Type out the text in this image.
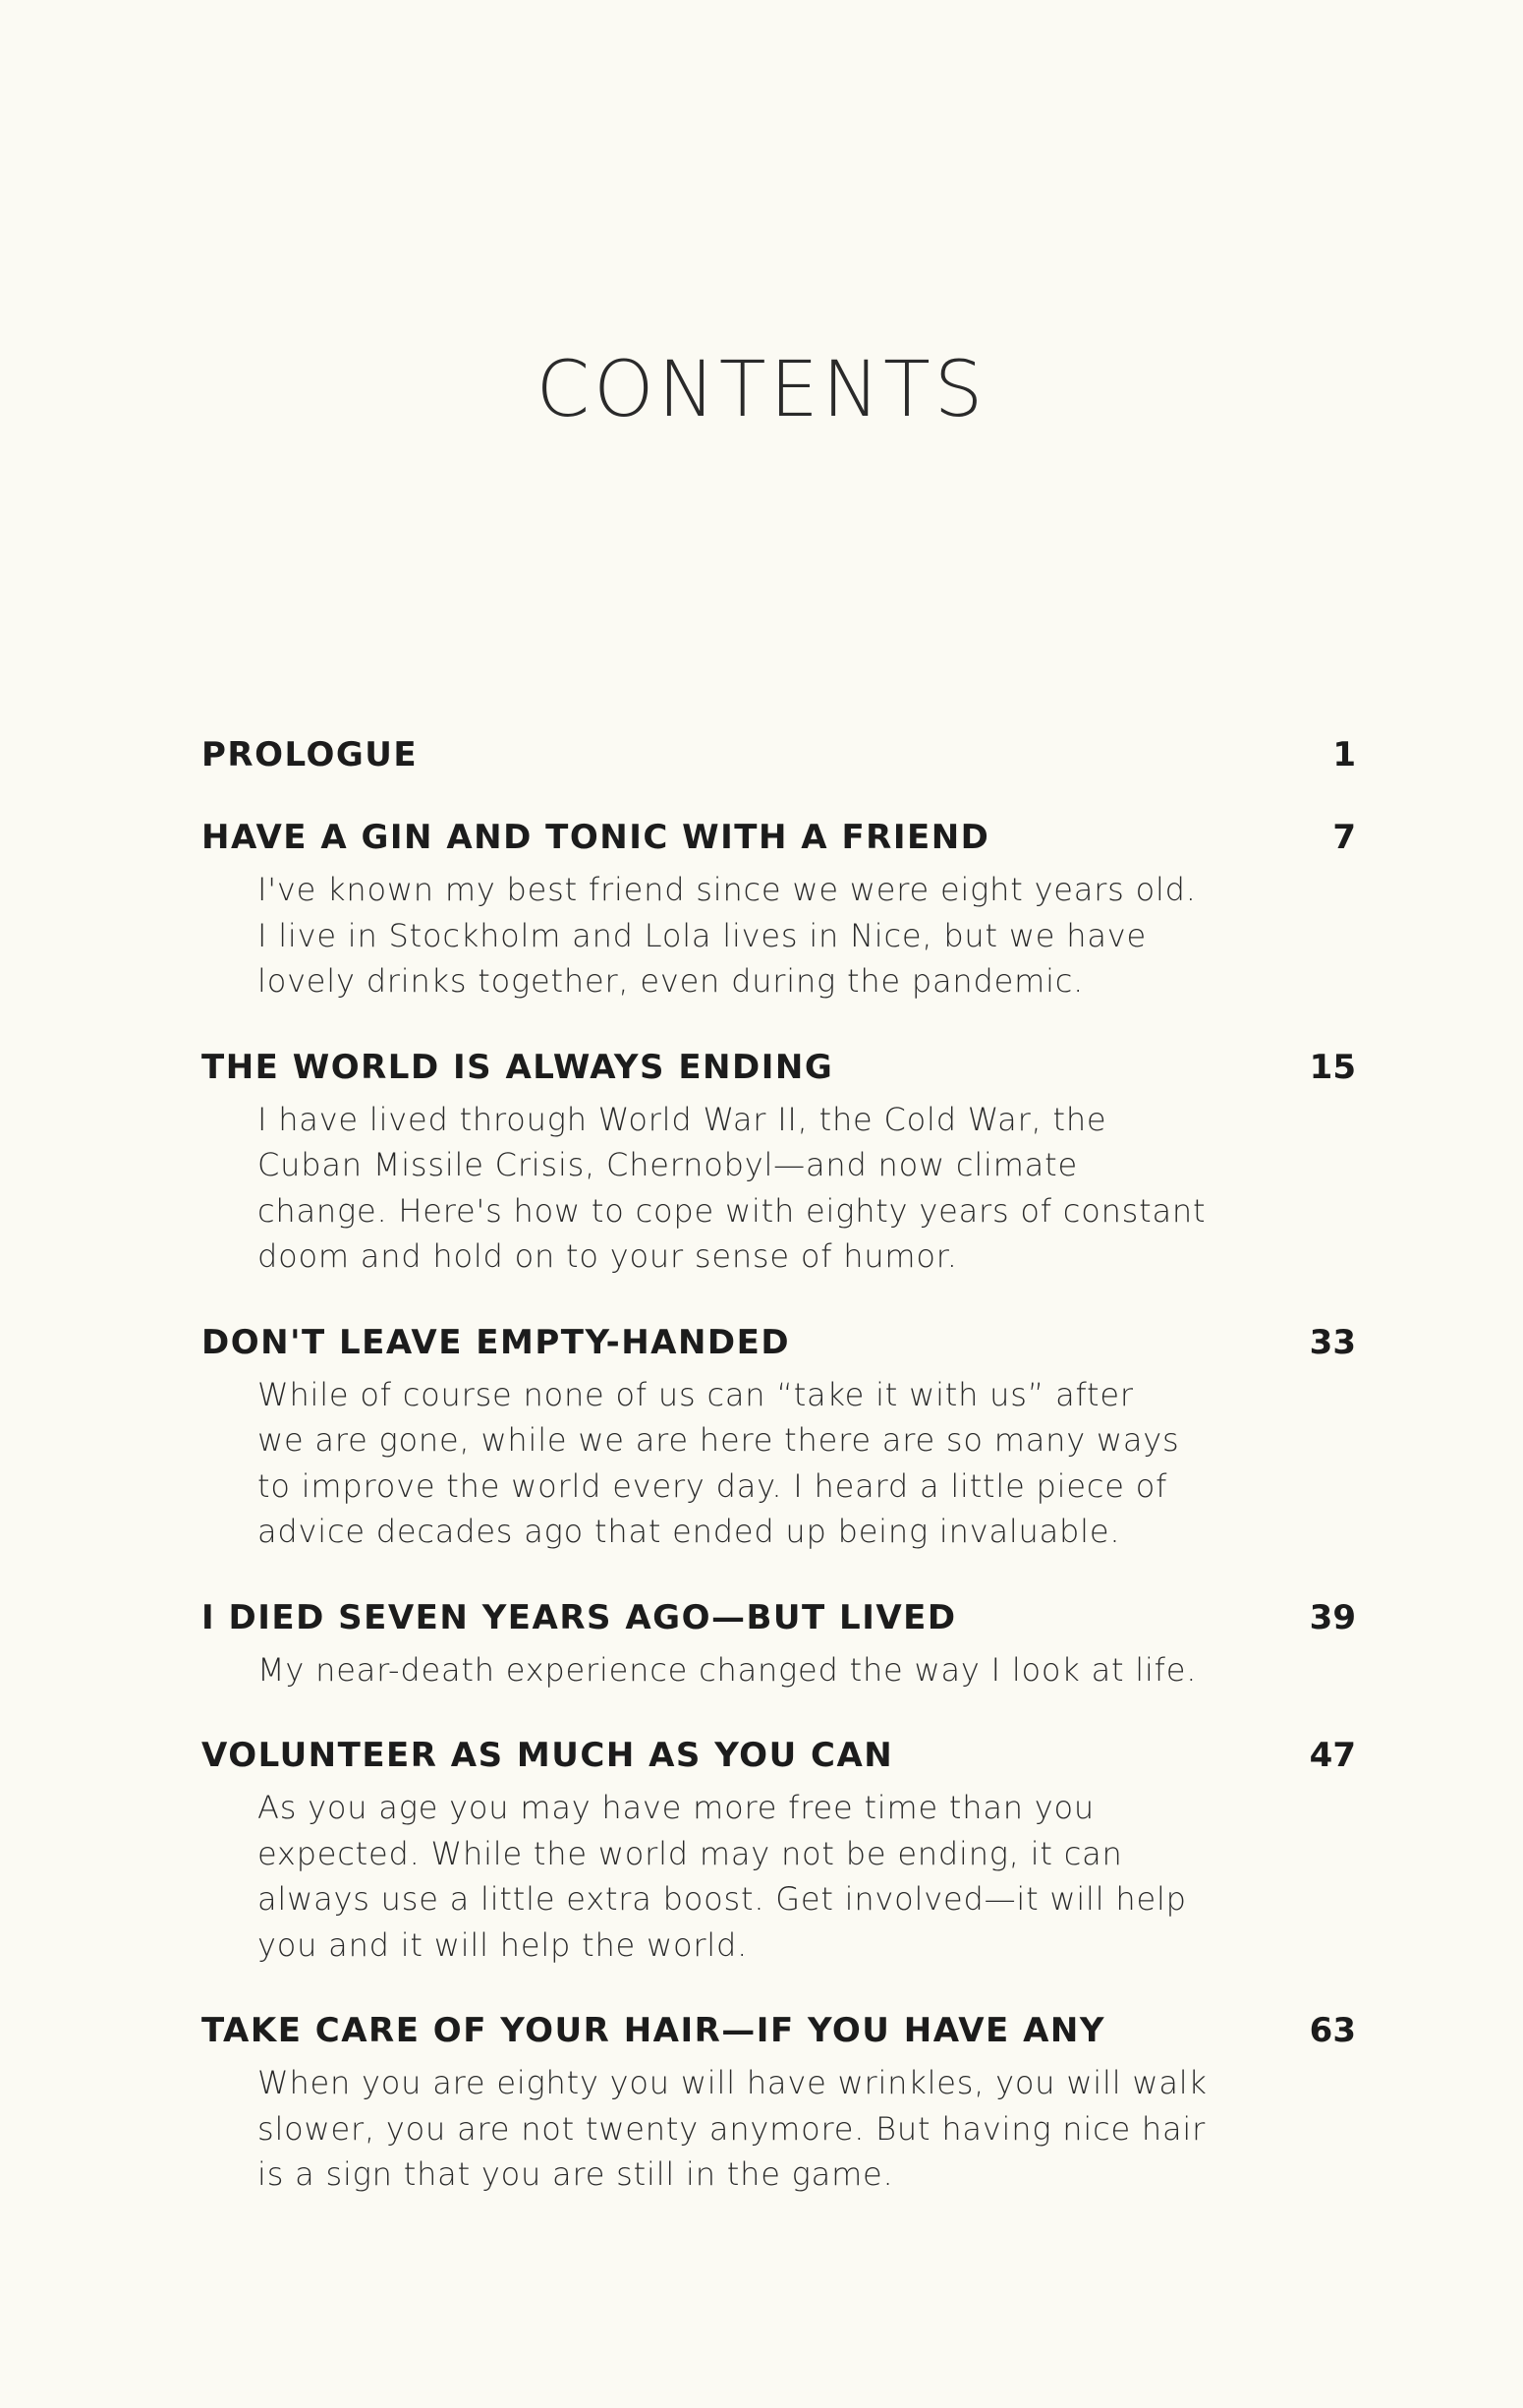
CONTENTS
PROLOGUE	1
HAVE A GIN AND TONIC WITH A FRIEND	7
I've known my best friend since we were eight years old.
I live in Stockholm and Lola lives in Nice, but we have
lovely drinks together, even during the pandemic.
THE WORLD IS ALWAYS ENDING	15
I have lived through World War II, the Cold War, the
Cuban Missile Crisis, Chernobyl—and now climate
change. Here's how to cope with eighty years of constant
doom and hold on to your sense of humor.
DON'T LEAVE EMPTY-HANDED	33
While of course none of us can “take it with us” after
we are gone, while we are here there are so many ways
to improve the world every day. I heard a little piece of
advice decades ago that ended up being invaluable.
I DIED SEVEN YEARS AGO—BUT LIVED	39
My near-death experience changed the way I look at life.
VOLUNTEER AS MUCH AS YOU CAN	47
As you age you may have more free time than you
expected. While the world may not be ending, it can
always use a little extra boost. Get involved—it will help
you and it will help the world.
TAKE CARE OF YOUR HAIR—IF YOU HAVE ANY	63
When you are eighty you will have wrinkles, you will walk
slower, you are not twenty anymore. But having nice hair
is a sign that you are still in the game.
